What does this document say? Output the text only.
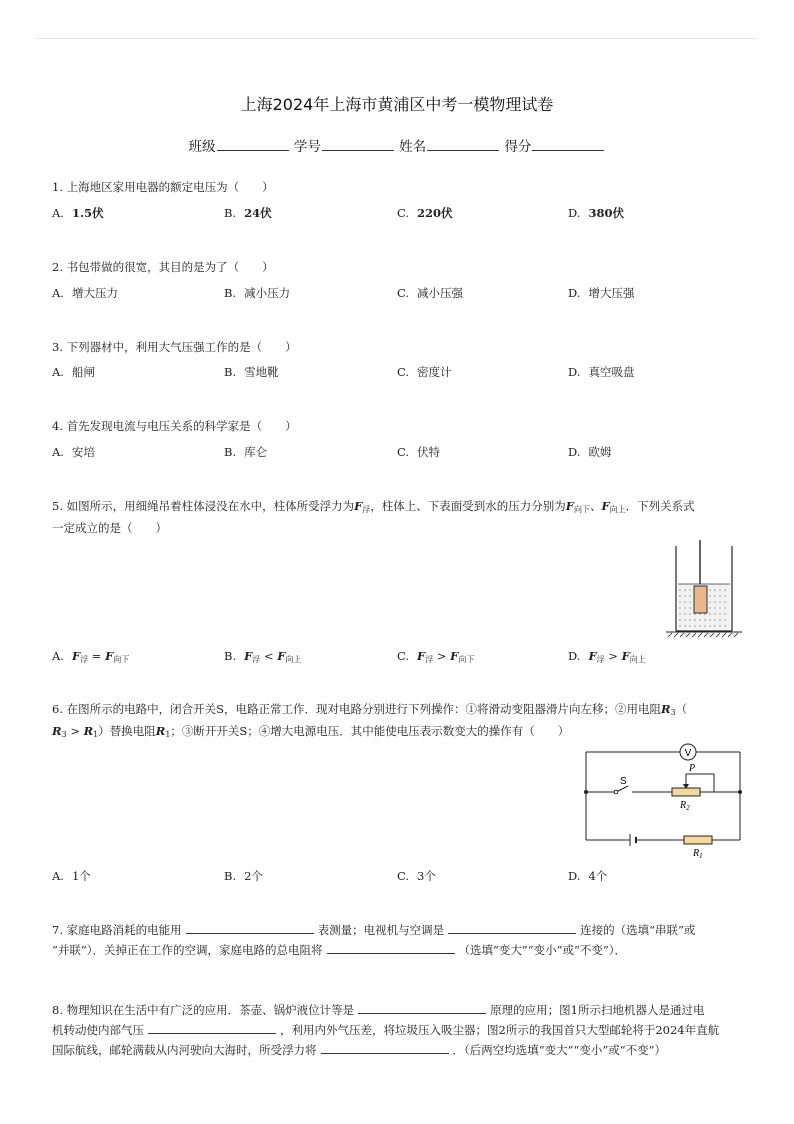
上海2024年上海市黄浦区中考一模物理试卷
班级	学号	姓名	得分
1. 上海地区家用电器的额定电压为（　　）
A. 1.5伏	B. 24伏	C. 220伏	D. 380伏
2. 书包带做的很宽，其目的是为了（　　）
A. 增大压力	B. 减小压力	C. 减小压强	D. 增大压强
3. 下列器材中，利用大气压强工作的是（　　）
A. 船闸	B. 雪地靴	C. 密度计	D. 真空吸盘
4. 首先发现电流与电压关系的科学家是（　　）
A. 安培	B. 库仑	C. 伏特	D. 欧姆
5. 如图所示，用细绳吊着柱体浸没在水中，柱体所受浮力为$F_浮$，柱体上、下表面受到水的压力分别为$F_{向下}$、$F_{向上}$．下列关系式
一定成立的是（　　）
A. $F_浮 = F_{向下}$	B. $F_浮 < F_{向上}$	C. $F_浮 > F_{向下}$	D. $F_浮 > F_{向上}$
6. 在图所示的电路中，闭合开关S，电路正常工作．现对电路分别进行下列操作：①将滑动变阻器滑片向左移；②用电阻$R_3$（
$R_3 > R_1$）替换电阻$R_1$；③断开开关S；④增大电源电压．其中能使电压表示数变大的操作有（　　）
V
S
P
$R_2$
$R_1$
A. 1个	B. 2个	C. 3个	D. 4个
7. 家庭电路消耗的电能用	表测量；电视机与空调是	连接的（选填“串联”或
“并联”）．关掉正在工作的空调，家庭电路的总电阻将	（选填“变大”“变小”或“不变”）．
8. 物理知识在生活中有广泛的应用．茶壶、锅炉液位计等是	原理的应用；图1所示扫地机器人是通过电
机转动使内部气压	，利用内外气压差，将垃圾压入吸尘器；图2所示的我国首只大型邮轮将于2024年直航
国际航线，邮轮满载从内河驶向大海时，所受浮力将	．（后两空均选填“变大”“变小”或“不变”）
